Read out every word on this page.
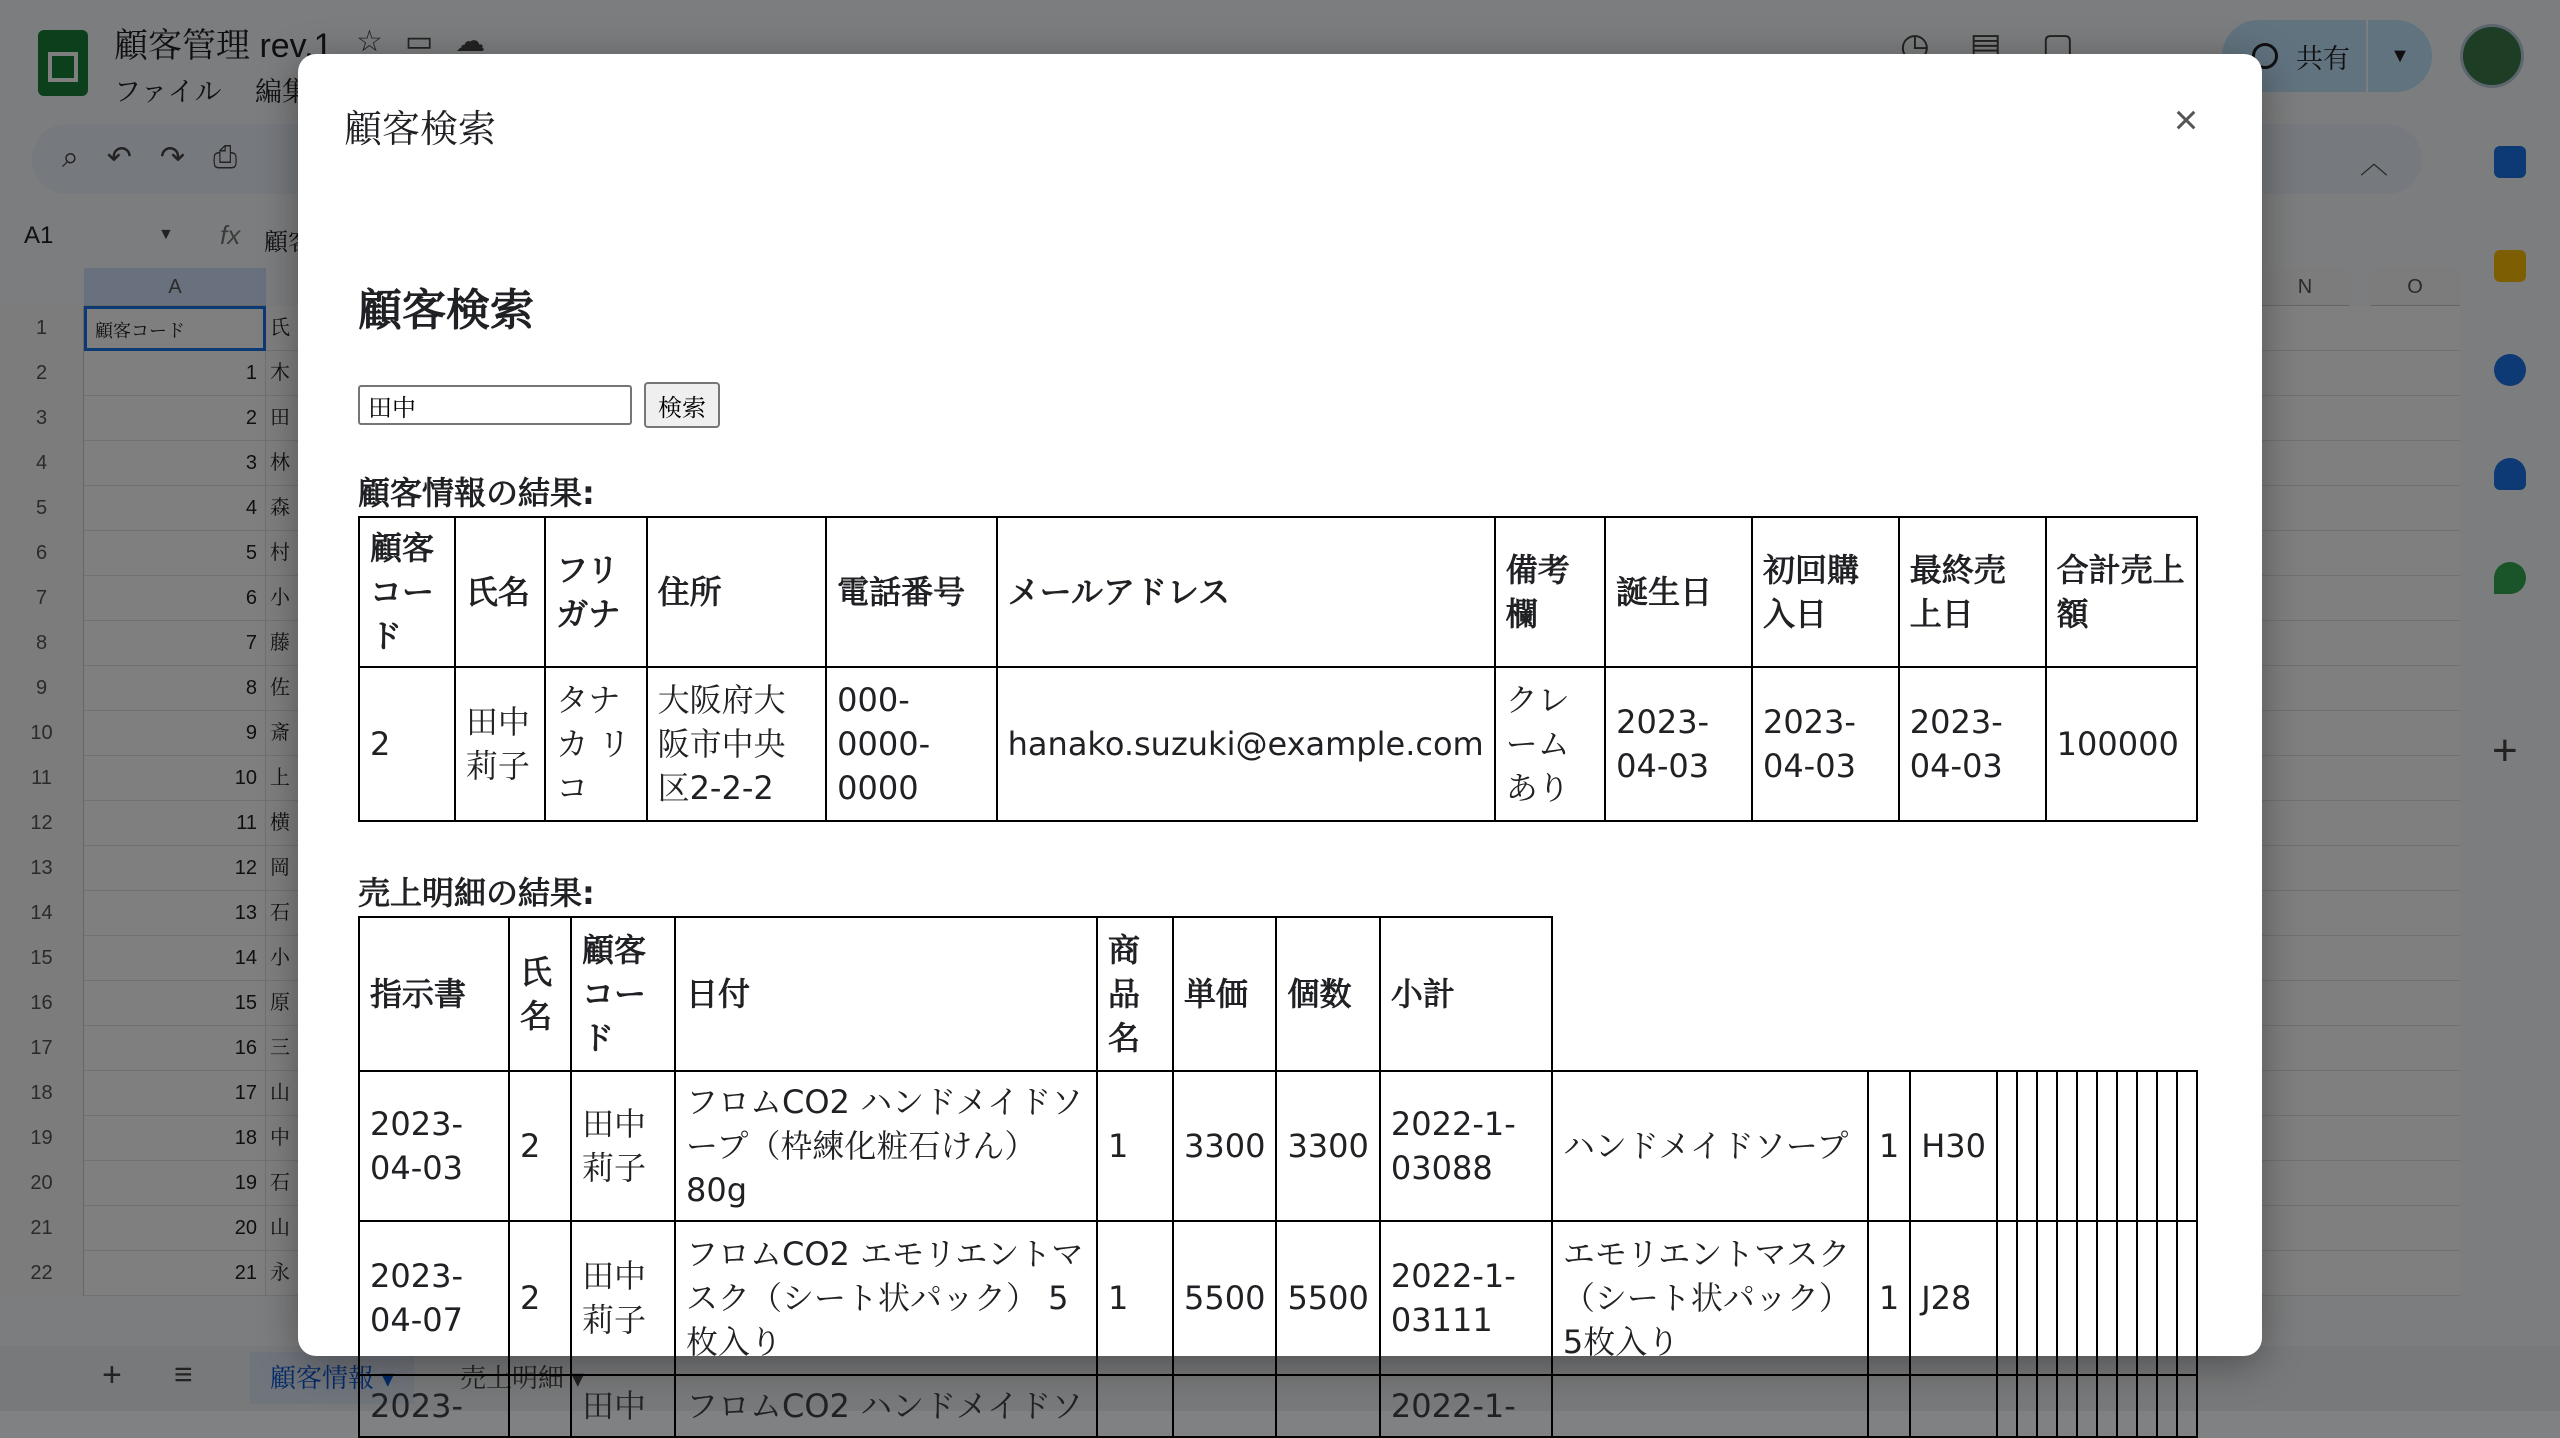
顧客検索	×
顧客検索
田中
検索
顧客情報の結果:
顧客コード	氏名	フリガナ	住所	電話番号	メールアドレス	備考欄	誕生日	初回購入日	最終売上日	合計売上額
2	田中莉子	タナカ リコ	大阪府大阪市中央区2-2-2	000-0000-0000	hanako.suzuki@example.com	クレームあり	2023-04-03	2023-04-03	2023-04-03	100000
売上明細の結果:
指示書	氏名	顧客コード	日付	商品名	単価	個数	小計													
2023-04-03	2	田中莉子	フロムCO2 ハンドメイドソープ（枠練化粧石けん） 80g	1	3300	3300	2022-1-03088	ハンドメイドソープ	1	H30										
2023-04-07	2	田中莉子	フロムCO2 エモリエントマスク（シート状パック） 5枚入り	1	5500	5500	2022-1-03111	エモリエントマスク（シート状パック） 5枚入り	1	J28										
2023-		田中	フロムCO2 ハンドメイドソ				2022-1-													
